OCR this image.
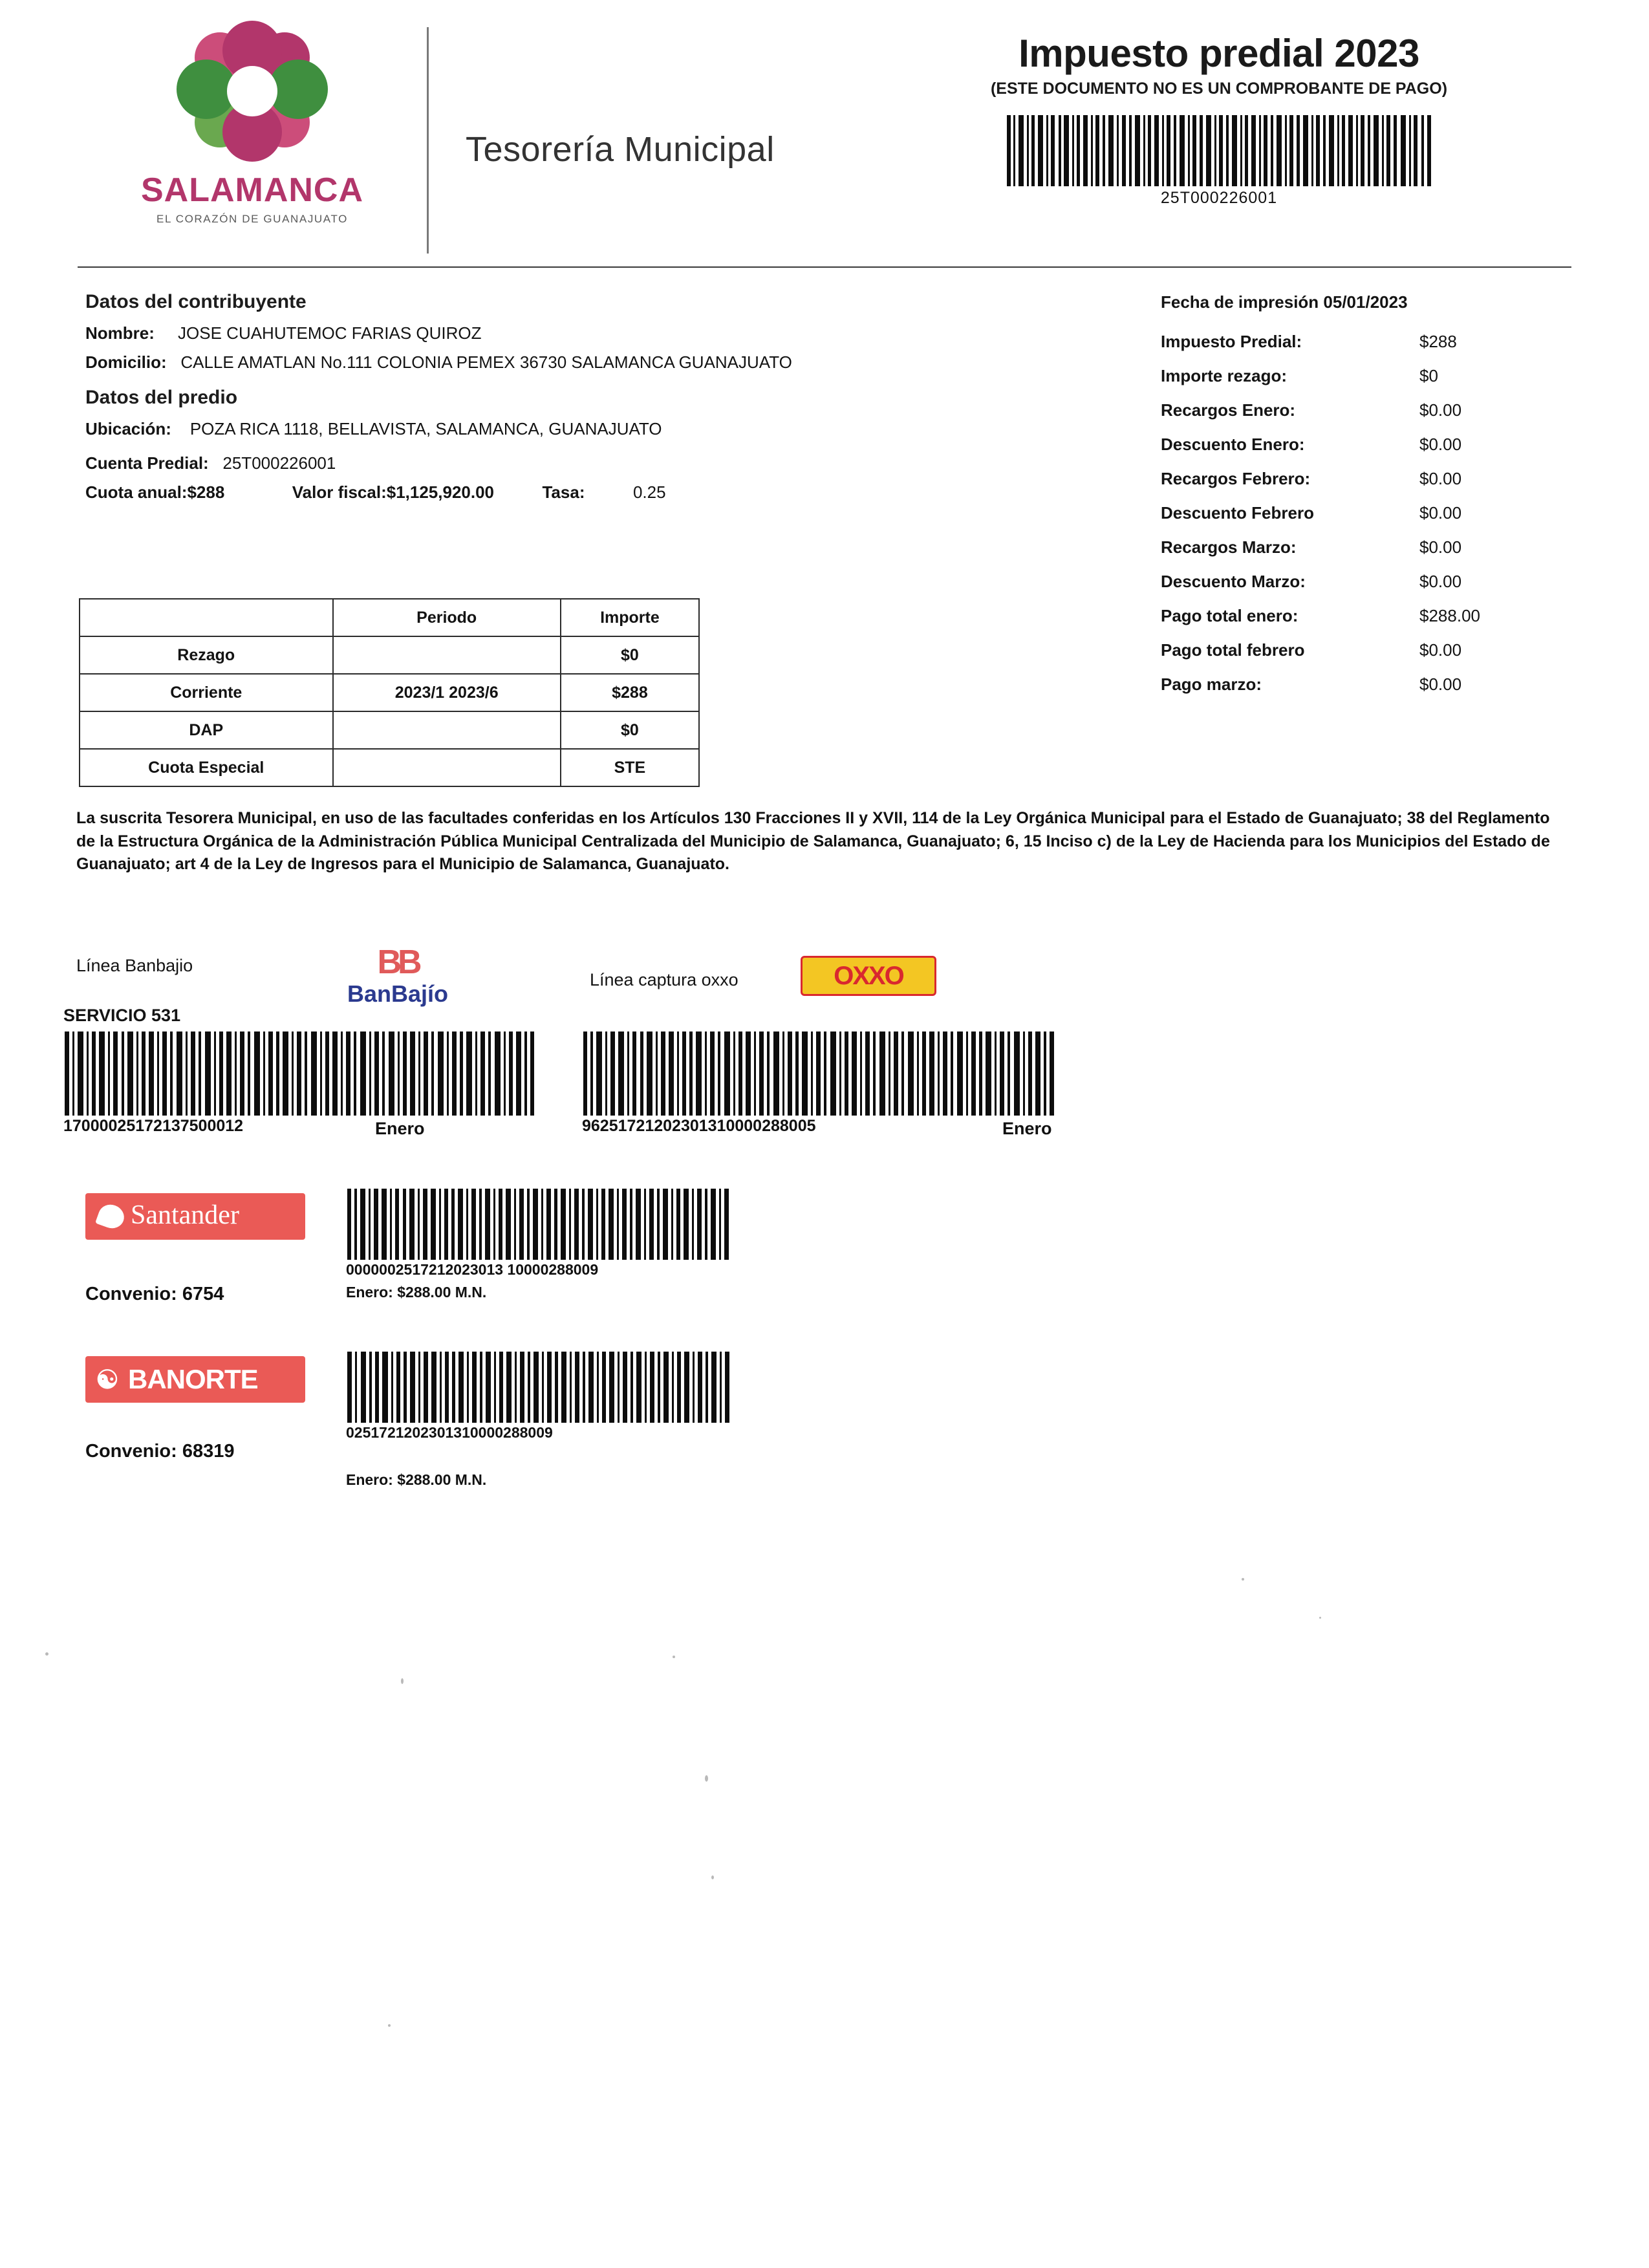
SALAMANCA
EL CORAZÓN DE GUANAJUATO
Tesorería Municipal
Impuesto predial 2023
(ESTE DOCUMENTO NO ES UN COMPROBANTE DE PAGO)
25T000226001
Datos del contribuyente
Nombre: JOSE CUAHUTEMOC FARIAS QUIROZ
Domicilio: CALLE AMATLAN No.111 COLONIA PEMEX 36730 SALAMANCA GUANAJUATO
Datos del predio
Ubicación: POZA RICA 1118, BELLAVISTA, SALAMANCA, GUANAJUATO
Cuenta Predial: 25T000226001
Cuota anual:$288	Valor fiscal:$1,125,920.00	Tasa:	0.25
	Periodo	Importe
Rezago		$0
Corriente	2023/1 2023/6	$288
DAP		$0
Cuota Especial		STE
Fecha de impresión 05/01/2023
Impuesto Predial:	$288
Importe rezago:	$0
Recargos Enero:	$0.00
Descuento Enero:	$0.00
Recargos Febrero:	$0.00
Descuento Febrero	$0.00
Recargos Marzo:	$0.00
Descuento Marzo:	$0.00
Pago total enero:	$288.00
Pago total febrero	$0.00
Pago marzo:	$0.00
La suscrita Tesorera Municipal, en uso de las facultades conferidas en los Artículos 130 Fracciones II y XVII, 114 de la Ley Orgánica Municipal para el Estado de Guanajuato; 38 del Reglamento de la Estructura Orgánica de la Administración Pública Municipal Centralizada del Municipio de Salamanca, Guanajuato; 6, 15 Inciso c) de la Ley de Hacienda para los Municipios del Estado de Guanajuato; art 4 de la Ley de Ingresos para el Municipio de Salamanca, Guanajuato.
Línea Banbajio
SERVICIO 531
BB
BanBajío
17000025172137500012	Enero
Línea captura oxxo	OXXO
96251721202301310000288005	Enero
Santander
Convenio: 6754
0000002517212023013 10000288009
Enero: $288.00 M.N.
☯ BANORTE
Convenio: 68319
0251721202301310000288009
Enero: $288.00 M.N.
